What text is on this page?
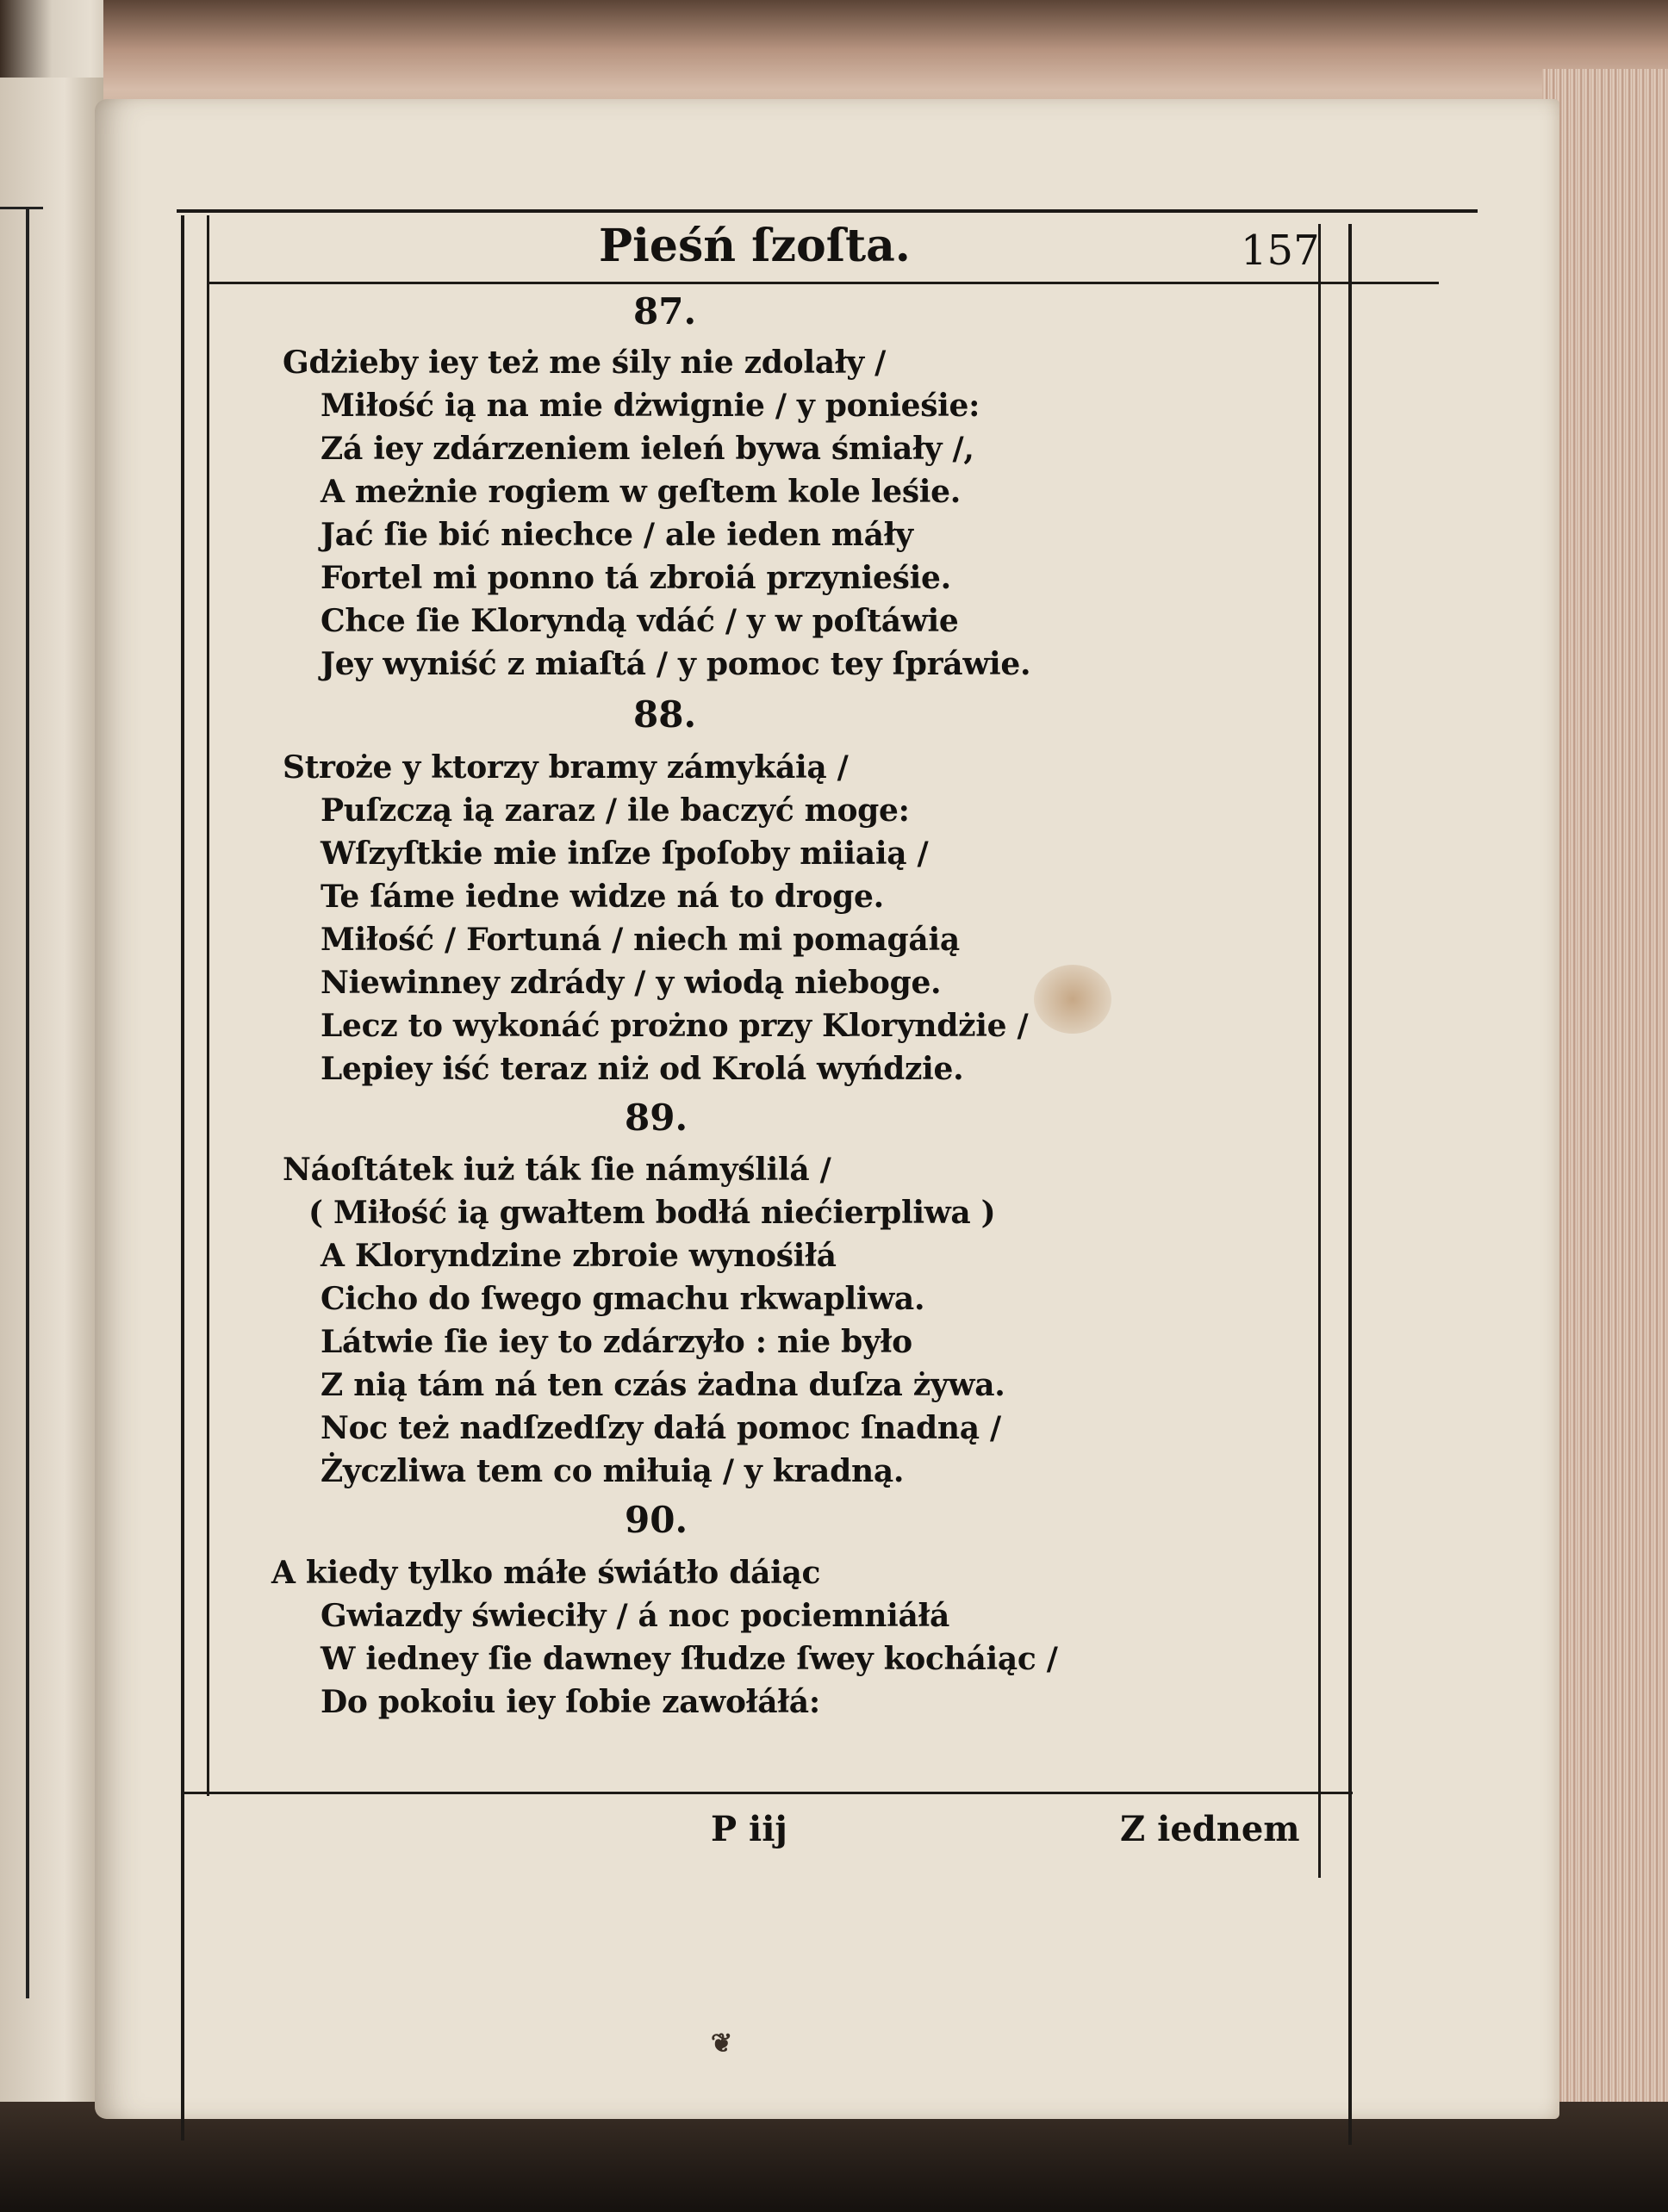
Pieśń ſzoſta.	157
87.
Gdżieby iey też me śily nie zdolały /
Miłość ią na mie dżwignie / y ponieśie:
Zá iey zdárzeniem ieleń bywa śmiały /,
A meżnie rogiem w geſtem kole leśie.
Jać ſie bić niechce / ale ieden máły
Fortel mi ponno tá zbroiá przynieśie.
Chce ſie Kloryndą vdáć / y w poſtáwie
Jey wyniść z miaſtá / y pomoc tey ſpráwie.
88.
Stroże y ktorzy bramy zámykáią /
Puſzczą ią zaraz / ile baczyć moge:
Wſzyſtkie mie inſze ſpoſoby miiaią /
Te ſáme iedne widze ná to droge.
Miłość / Fortuná / niech mi pomagáią
Niewinney zdrády / y wiodą nieboge.
Lecz to wykonáć prożno przy Kloryndżie /
Lepiey iść teraz niż od Krolá wyńdzie.
89.
Náoſtátek iuż ták ſie námyślilá /
( Miłość ią gwałtem bodłá niećierpliwa )
A Kloryndzine zbroie wynośiłá
Cicho do ſwego gmachu rkwapliwa.
Látwie ſie iey to zdárzyło : nie było
Z nią tám ná ten czás żadna duſza żywa.
Noc też nadſzedſzy dałá pomoc ſnadną /
Życzliwa tem co miłuią / y kradną.
90.
A kiedy tylko máłe świátło dáiąc
Gwiazdy świeciły / á noc pociemniáłá
W iedney ſie dawney ſłudze ſwey kocháiąc /
Do pokoiu iey ſobie zawołáłá:
P iij	Z iednem
❦
